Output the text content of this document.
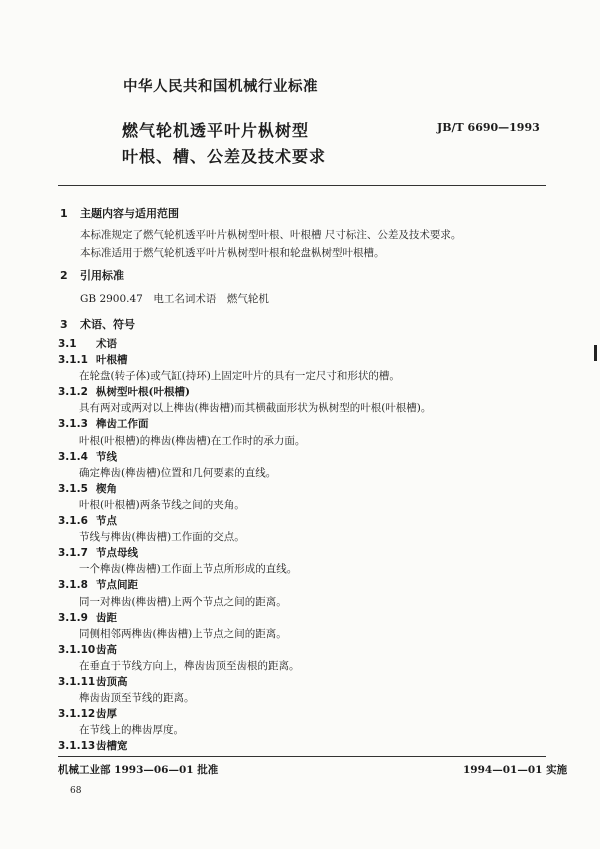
中华人民共和国机械行业标准
燃气轮机透平叶片枞树型
叶根、槽、公差及技术要求
JB/T 6690—1993
1 主题内容与适用范围
本标准规定了燃气轮机透平叶片枞树型叶根、叶根槽 尺寸标注、公差及技术要求。
本标准适用于燃气轮机透平叶片枞树型叶根和轮盘枞树型叶根槽。
2 引用标准
GB 2900.47　电工名词术语　燃气轮机
3 术语、符号
3.1 术语
3.1.1 叶根槽
在轮盘(转子体)或气缸(持环)上固定叶片的具有一定尺寸和形状的槽。
3.1.2 枞树型叶根(叶根槽)
具有两对或两对以上榫齿(榫齿槽)而其横截面形状为枞树型的叶根(叶根槽)。
3.1.3 榫齿工作面
叶根(叶根槽)的榫齿(榫齿槽)在工作时的承力面。
3.1.4 节线
确定榫齿(榫齿槽)位置和几何要素的直线。
3.1.5 楔角
叶根(叶根槽)两条节线之间的夹角。
3.1.6 节点
节线与榫齿(榫齿槽)工作面的交点。
3.1.7 节点母线
一个榫齿(榫齿槽)工作面上节点所形成的直线。
3.1.8 节点间距
同一对榫齿(榫齿槽)上两个节点之间的距离。
3.1.9 齿距
同侧相邻两榫齿(榫齿槽)上节点之间的距离。
3.1.10齿高
在垂直于节线方向上，榫齿齿顶至齿根的距离。
3.1.11齿顶高
榫齿齿顶至节线的距离。
3.1.12齿厚
在节线上的榫齿厚度。
3.1.13齿槽宽
机械工业部 1993—06—01 批准	1994—01—01 实施
68
